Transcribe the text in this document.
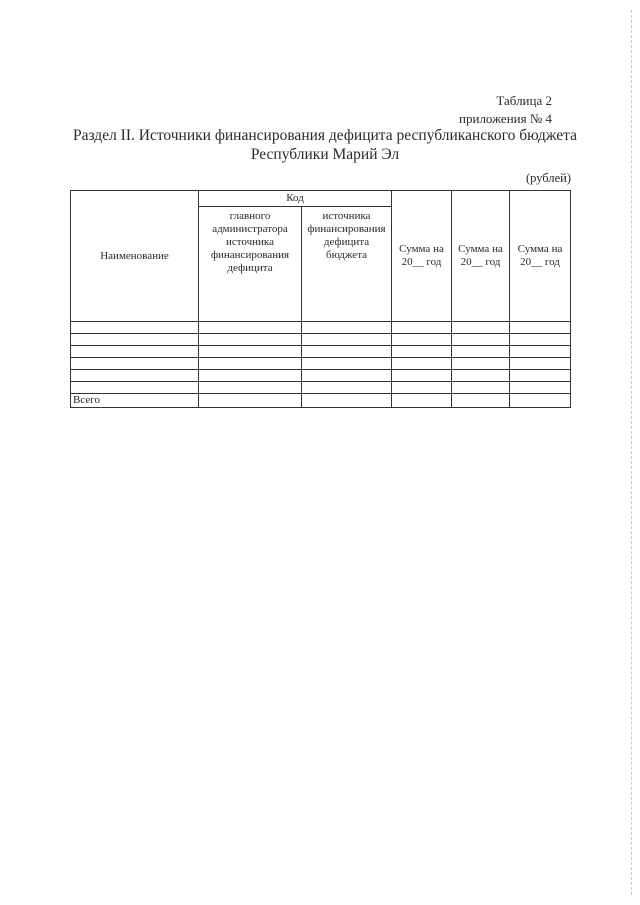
Таблица 2
приложения № 4
Раздел II. Источники финансирования дефицита республиканского бюджета
Республики Марий Эл
(рублей)
Наименование	Код		Сумма на 20__ год	Сумма на 20__ год	Сумма на 20__ год
	главного администратора источника финансирования дефицита	источника финансирования дефицита бюджета			

Всего					
